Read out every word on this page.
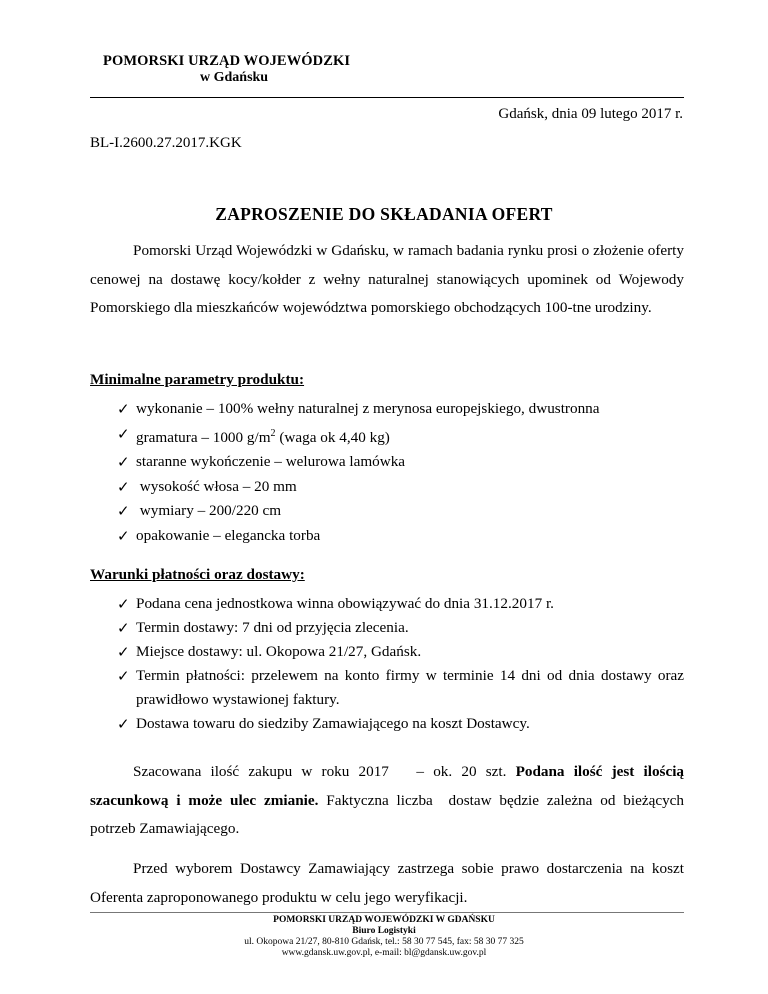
POMORSKI URZĄD WOJEWÓDZKI
w Gdańsku
Gdańsk, dnia 09 lutego 2017 r.
BL-I.2600.27.2017.KGK
ZAPROSZENIE DO SKŁADANIA OFERT

Pomorski Urząd Wojewódzki w Gdańsku, w ramach badania rynku prosi o złożenie oferty cenowej na dostawę kocy/kołder z wełny naturalnej stanowiących upominek od Wojewody Pomorskiego dla mieszkańców województwa pomorskiego obchodzących 100-tne urodziny.

Minimalne parametry produktu:
✓ wykonanie – 100% wełny naturalnej z merynosa europejskiego, dwustronna
✓ gramatura – 1000 $g/m^2$ (waga ok 4,40 kg)
✓ staranne wykończenie – welurowa lamówka
✓ wysokość włosa – 20 mm
✓ wymiary – 200/220 cm
✓ opakowanie – elegancka torba
Warunki płatności oraz dostawy:
✓ Podana cena jednostkowa winna obowiązywać do dnia 31.12.2017 r.
✓ Termin dostawy: 7 dni od przyjęcia zlecenia.
✓ Miejsce dostawy: ul. Okopowa 21/27, Gdańsk.
✓ Termin płatności: przelewem na konto firmy w terminie 14 dni od dnia dostawy oraz prawidłowo wystawionej faktury.
✓ Dostawa towaru do siedziby Zamawiającego na koszt Dostawcy.

Szacowana ilość zakupu w roku 2017   – ok. 20 szt. Podana ilość jest ilością szacunkową i może ulec zmianie. Faktyczna liczba  dostaw będzie zależna od bieżących potrzeb Zamawiającego.

Przed wyborem Dostawcy Zamawiający zastrzega sobie prawo dostarczenia na koszt Oferenta zaproponowanego produktu w celu jego weryfikacji.

POMORSKI URZĄD WOJEWÓDZKI W GDAŃSKU
Biuro Logistyki
ul. Okopowa 21/27, 80-810 Gdańsk, tel.: 58 30 77 545, fax: 58 30 77 325
www.gdansk.uw.gov.pl, e-mail: bl@gdansk.uw.gov.pl
